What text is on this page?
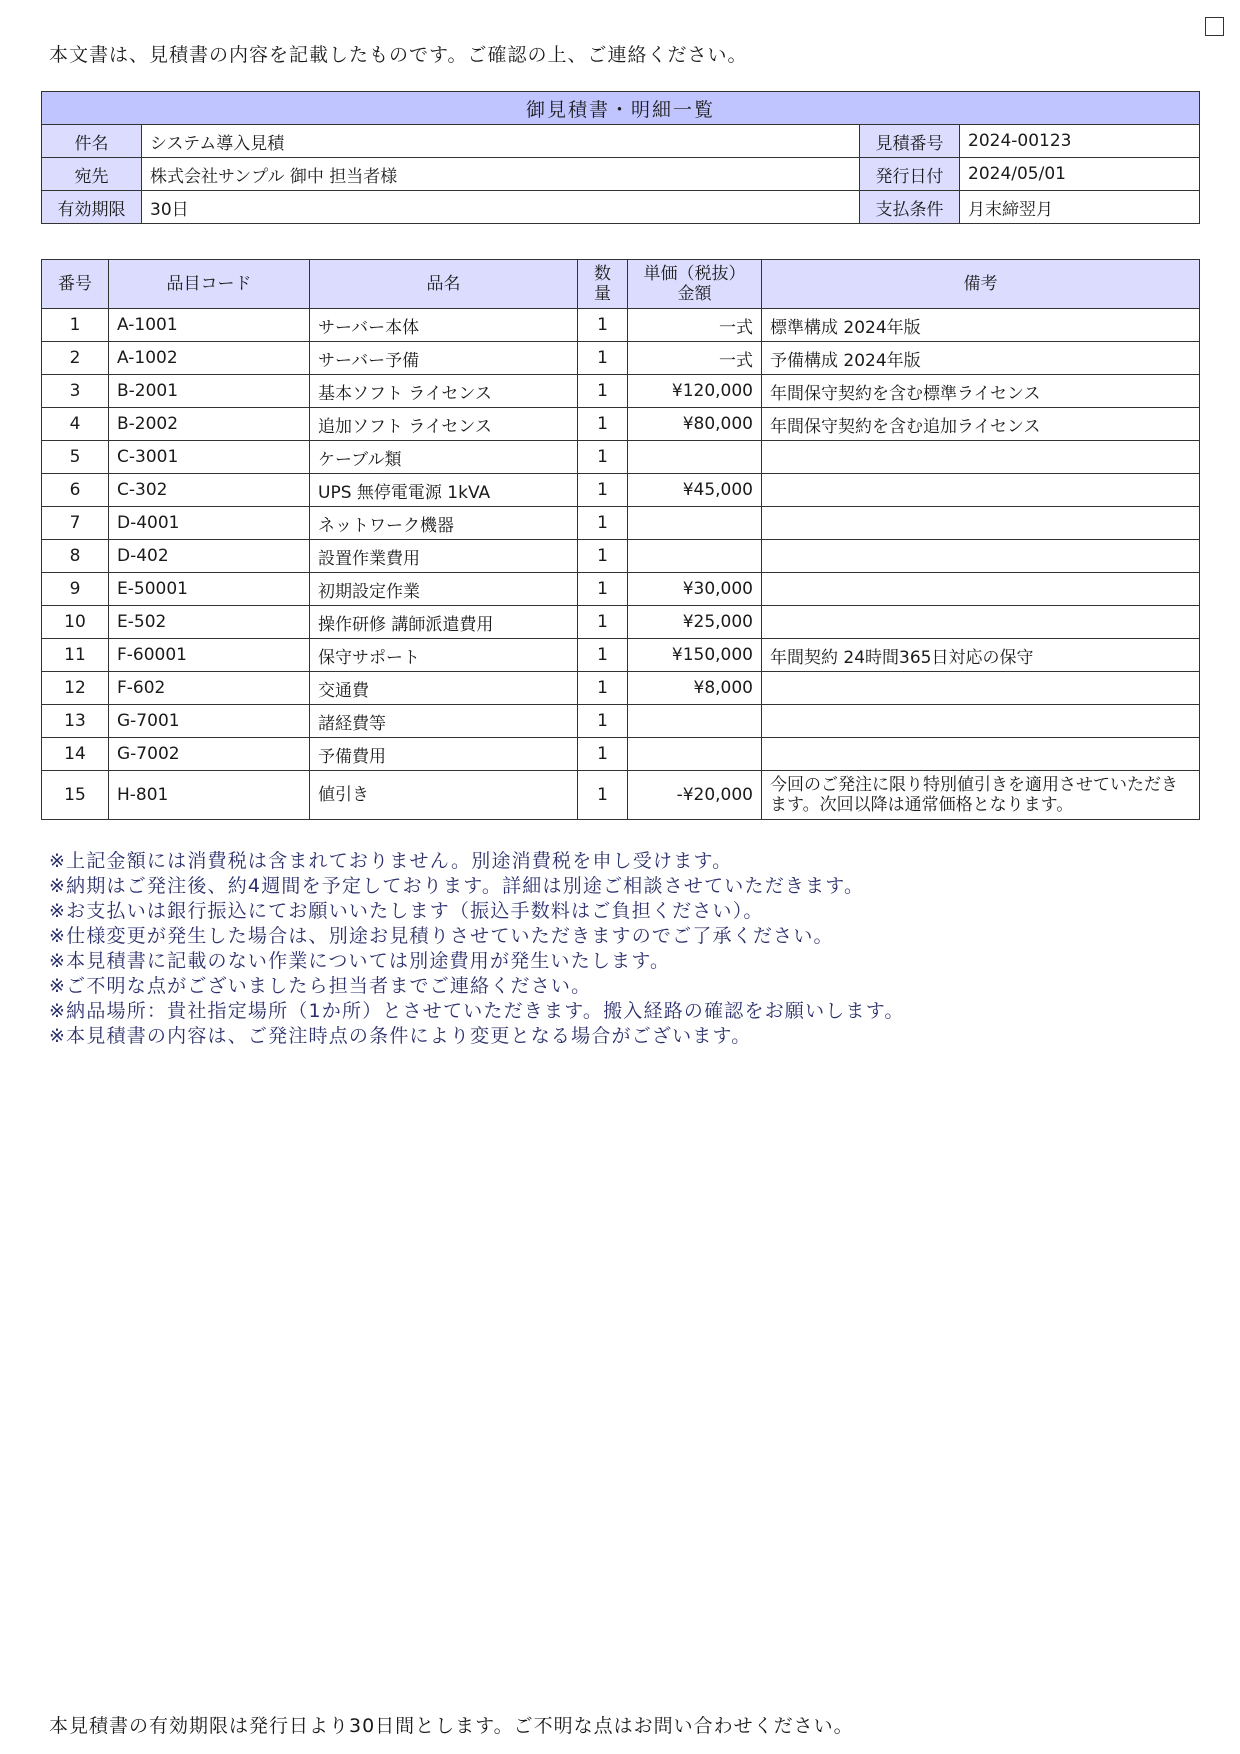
本文書は、見積書の内容を記載したものです。ご確認の上、ご連絡ください。
御見積書・明細一覧			
件名	システム導入見積	見積番号	2024-00123
宛先	株式会社サンプル 御中 担当者様	発行日付	2024/05/01
有効期限	30日	支払条件	月末締翌月
番号	品目コード	品名	数量	単価（税抜）金額	備考
1	A-1001	サーバー本体	1	一式	標準構成 2024年版
2	A-1002	サーバー予備	1	一式	予備構成 2024年版
3	B-2001	基本ソフト ライセンス	1	¥120,000	年間保守契約を含む標準ライセンス
4	B-2002	追加ソフト ライセンス	1	¥80,000	年間保守契約を含む追加ライセンス
5	C-3001	ケーブル類	1		
6	C-302	UPS 無停電電源 1kVA	1	¥45,000	
7	D-4001	ネットワーク機器	1		
8	D-402	設置作業費用	1		
9	E-50001	初期設定作業	1	¥30,000	
10	E-502	操作研修 講師派遣費用	1	¥25,000	
11	F-60001	保守サポート	1	¥150,000	年間契約 24時間365日対応の保守
12	F-602	交通費	1	¥8,000	
13	G-7001	諸経費等	1		
14	G-7002	予備費用	1		
15	H-801	値引き	1	-¥20,000	今回のご発注に限り特別値引きを適用させていただきます。次回以降は通常価格となります。
※上記金額には消費税は含まれておりません。別途消費税を申し受けます。
※納期はご発注後、約4週間を予定しております。詳細は別途ご相談させていただきます。
※お支払いは銀行振込にてお願いいたします（振込手数料はご負担ください）。
※仕様変更が発生した場合は、別途お見積りさせていただきますのでご了承ください。
※本見積書に記載のない作業については別途費用が発生いたします。
※ご不明な点がございましたら担当者までご連絡ください。
※納品場所：貴社指定場所（1か所）とさせていただきます。搬入経路の確認をお願いします。
※本見積書の内容は、ご発注時点の条件により変更となる場合がございます。
本見積書の有効期限は発行日より30日間とします。ご不明な点はお問い合わせください。
